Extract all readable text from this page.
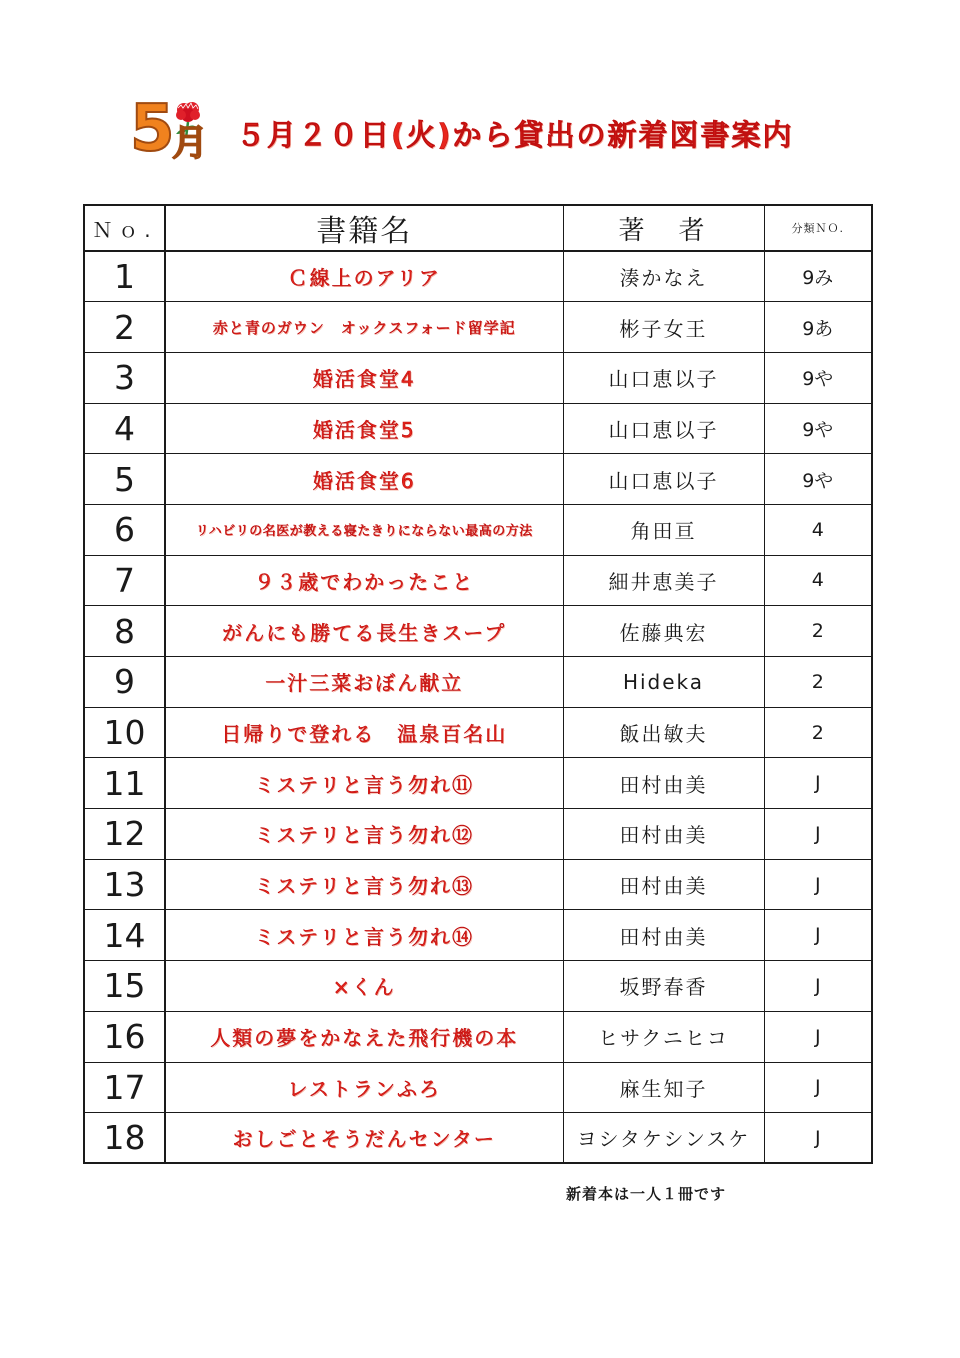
5 月 ５月２０日(火)から貸出の新着図書案内
Ｎｏ.	書籍名	著　者	分類ＮＯ.
1	Ｃ線上のアリア	湊かなえ	9み
2	赤と青のガウン　オックスフォード留学記	彬子女王	9あ
3	婚活食堂4	山口恵以子	9や
4	婚活食堂5	山口恵以子	9や
5	婚活食堂6	山口恵以子	9や
6	リハビリの名医が教える寝たきりにならない最高の方法	角田亘	4
7	９３歳でわかったこと	細井恵美子	4
8	がんにも勝てる長生きスープ	佐藤典宏	2
9	一汁三菜おぼん献立	Hideka	2
10	日帰りで登れる　温泉百名山	飯出敏夫	2
11	ミステリと言う勿れ⑪	田村由美	J
12	ミステリと言う勿れ⑫	田村由美	J
13	ミステリと言う勿れ⑬	田村由美	J
14	ミステリと言う勿れ⑭	田村由美	J
15	×くん	坂野春香	J
16	人類の夢をかなえた飛行機の本	ヒサクニヒコ	J
17	レストランふろ	麻生知子	J
18	おしごとそうだんセンター	ヨシタケシンスケ	J
新着本は一人１冊です
